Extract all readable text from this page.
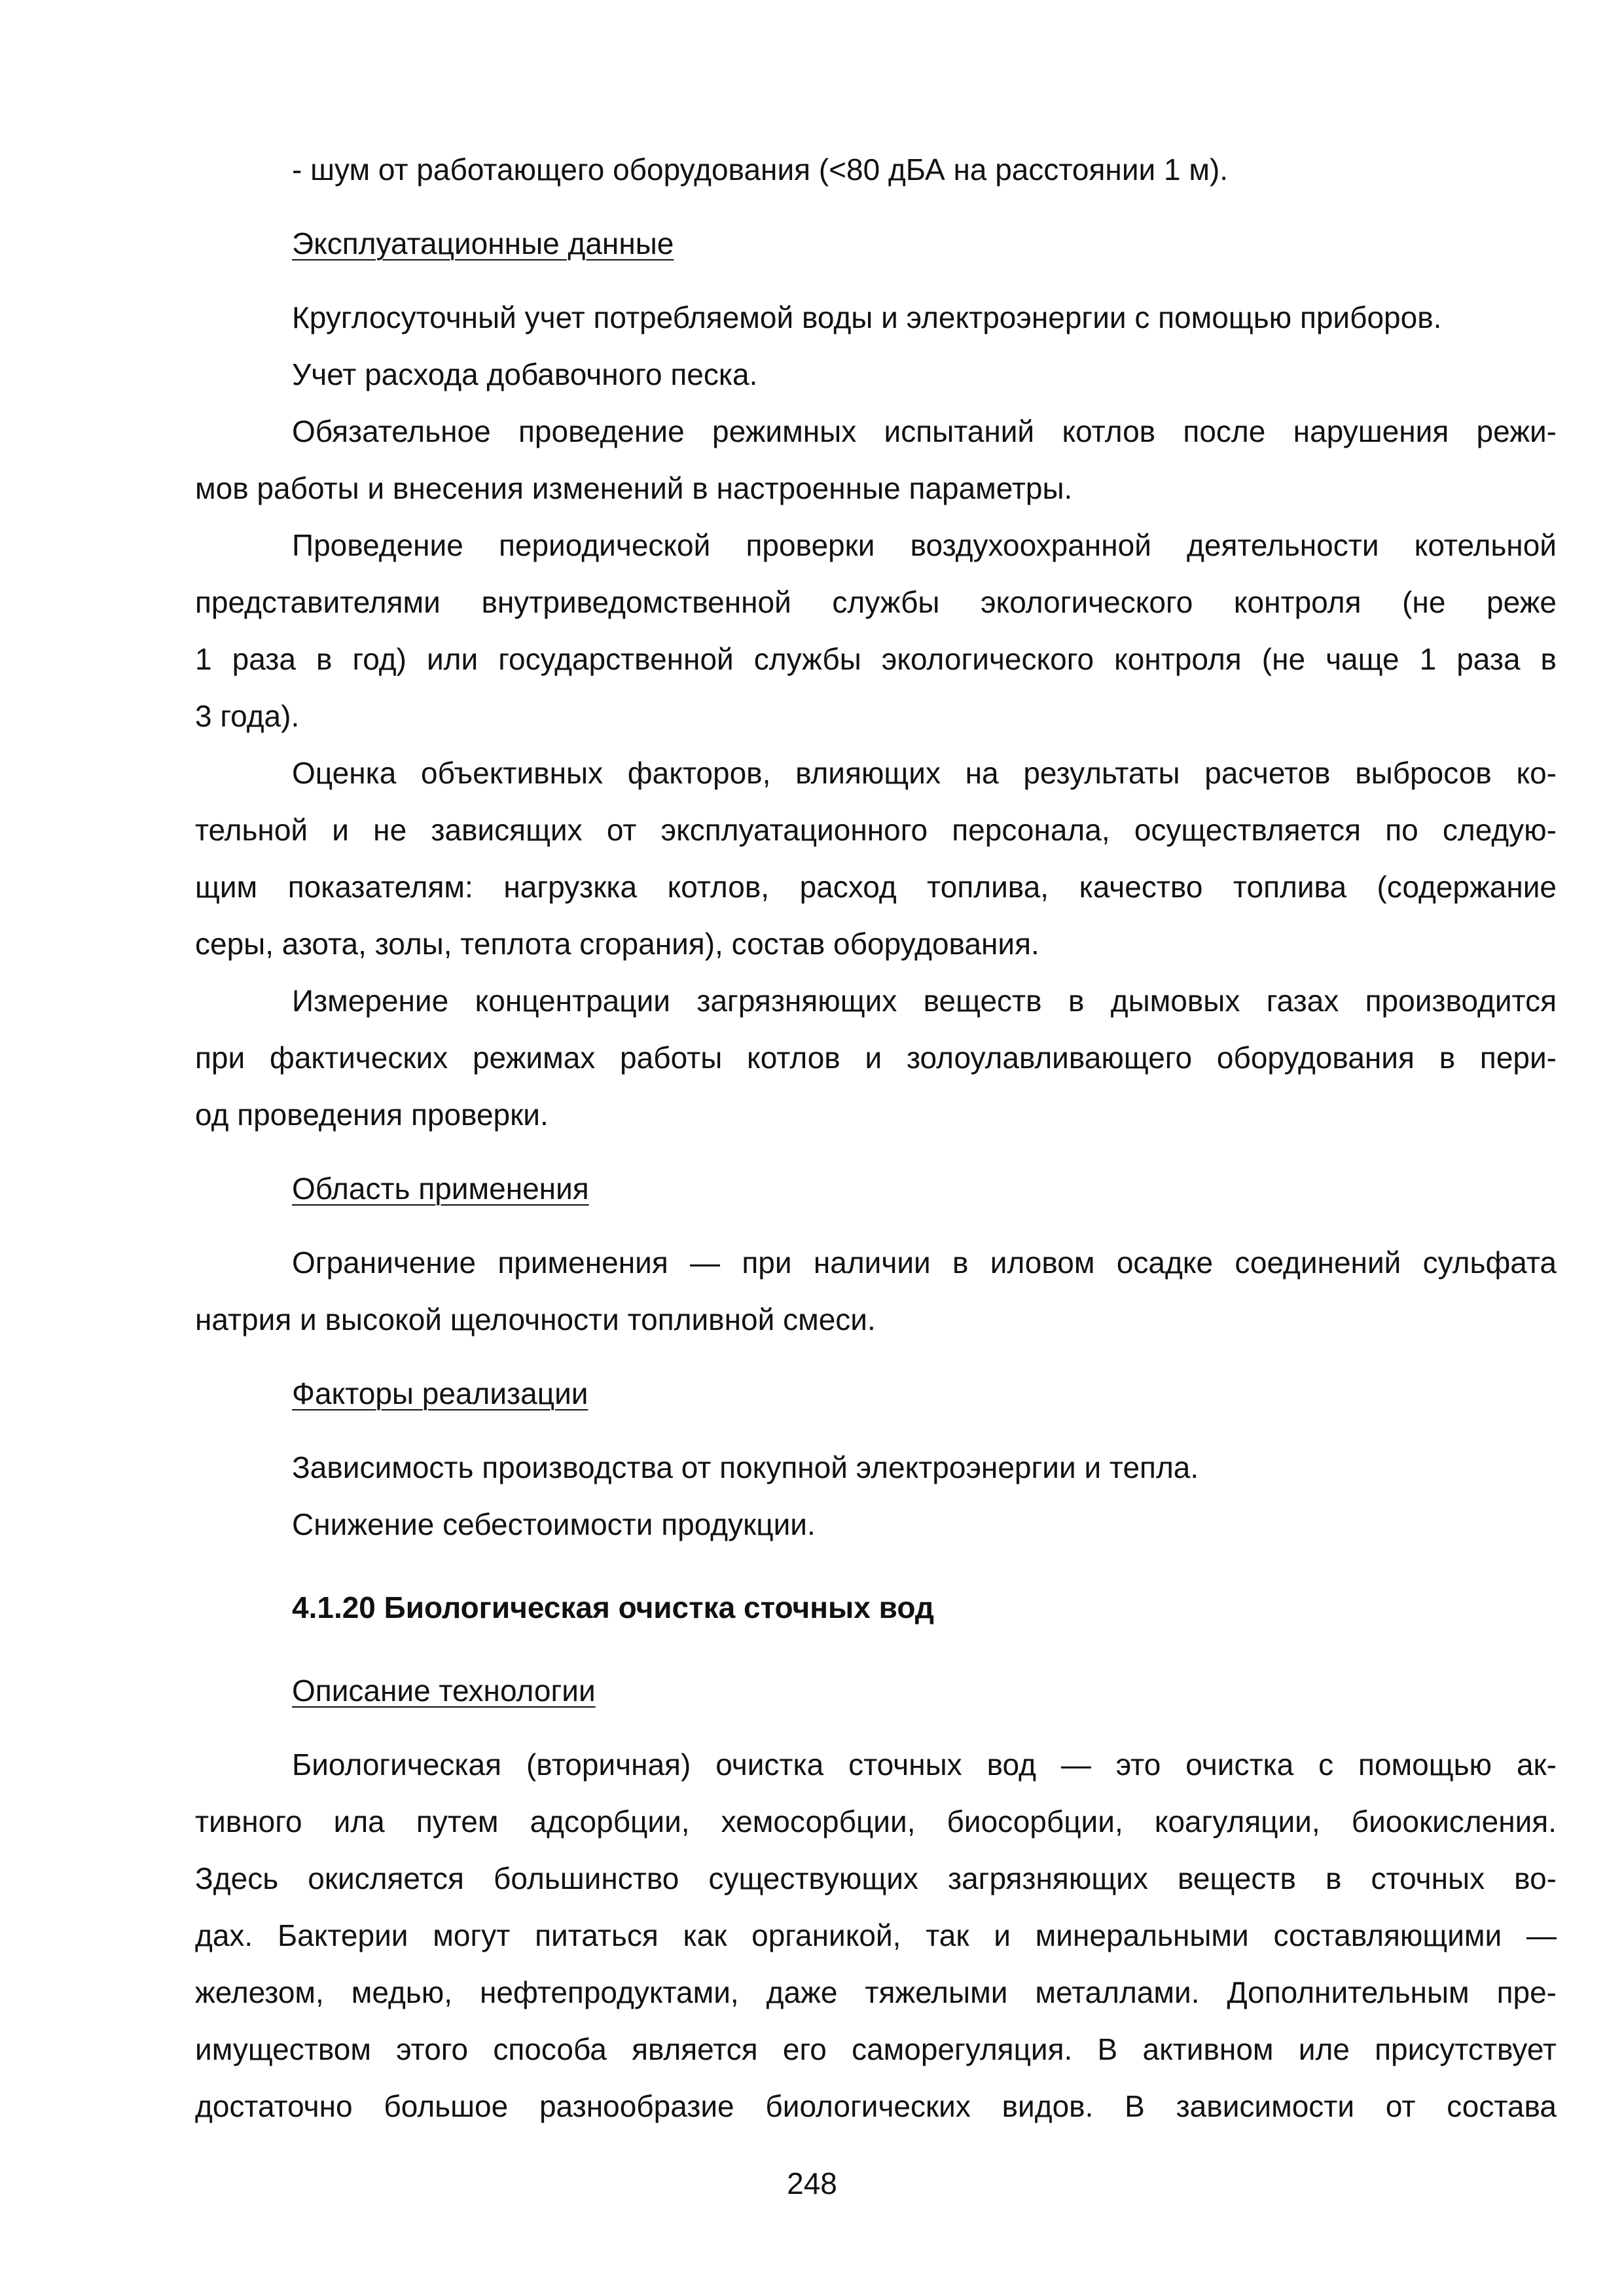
- шум от работающего оборудования (<80 дБА на расстоянии 1 м).
Эксплуатационные данные
Круглосуточный учет потребляемой воды и электроэнергии с помощью приборов.
Учет расхода добавочного песка.
Обязательное проведение режимных испытаний котлов после нарушения режи-
мов работы и внесения изменений в настроенные параметры.
Проведение периодической проверки воздухоохранной деятельности котельной
представителями внутриведомственной службы экологического контроля (не реже
1 раза в год) или государственной службы экологического контроля (не чаще 1 раза в
3 года).
Оценка объективных факторов, влияющих на результаты расчетов выбросов ко-
тельной и не зависящих от эксплуатационного персонала, осуществляется по следую-
щим показателям: нагрузкка котлов, расход топлива, качество топлива (содержание
серы, азота, золы, теплота сгорания), состав оборудования.
Измерение концентрации загрязняющих веществ в дымовых газах производится
при фактических режимах работы котлов и золоулавливающего оборудования в пери-
од проведения проверки.
Область применения
Ограничение применения — при наличии в иловом осадке соединений сульфата
натрия и высокой щелочности топливной смеси.
Факторы реализации
Зависимость производства от покупной электроэнергии и тепла.
Снижение себестоимости продукции.
4.1.20 Биологическая очистка сточных вод
Описание технологии
Биологическая (вторичная) очистка сточных вод — это очистка с помощью ак-
тивного ила путем адсорбции, хемосорбции, биосорбции, коагуляции, биоокисления.
Здесь окисляется большинство существующих загрязняющих веществ в сточных во-
дах. Бактерии могут питаться как органикой, так и минеральными составляющими —
железом, медью, нефтепродуктами, даже тяжелыми металлами. Дополнительным пре-
имуществом этого способа является его саморегуляция. В активном иле присутствует
достаточно большое разнообразие биологических видов. В зависимости от состава
248
